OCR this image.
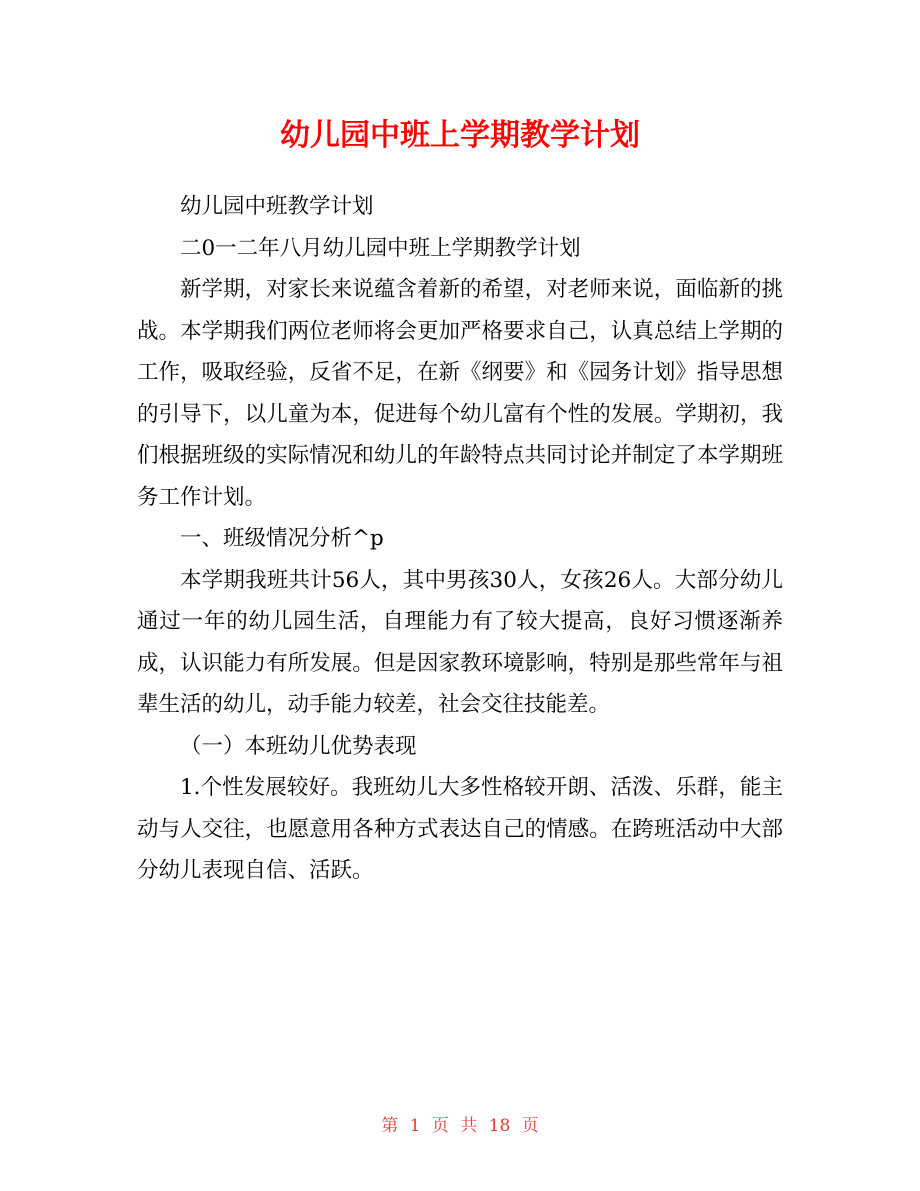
幼儿园中班上学期教学计划

幼儿园中班教学计划

二0一二年八月幼儿园中班上学期教学计划

新学期，对家长来说蕴含着新的希望，对老师来说，面临新的挑战。本学期我们两位老师将会更加严格要求自己，认真总结上学期的工作，吸取经验，反省不足，在新《纲要》和《园务计划》指导思想的引导下，以儿童为本，促进每个幼儿富有个性的发展。学期初，我们根据班级的实际情况和幼儿的年龄特点共同讨论并制定了本学期班务工作计划。

一、班级情况分析^p

本学期我班共计56人，其中男孩30人，女孩26人。大部分幼儿通过一年的幼儿园生活，自理能力有了较大提高，良好习惯逐渐养成，认识能力有所发展。但是因家教环境影响，特别是那些常年与祖辈生活的幼儿，动手能力较差，社会交往技能差。

（一）本班幼儿优势表现

1.个性发展较好。我班幼儿大多性格较开朗、活泼、乐群，能主动与人交往，也愿意用各种方式表达自己的情感。在跨班活动中大部分幼儿表现自信、活跃。

第 1 页 共 18 页
